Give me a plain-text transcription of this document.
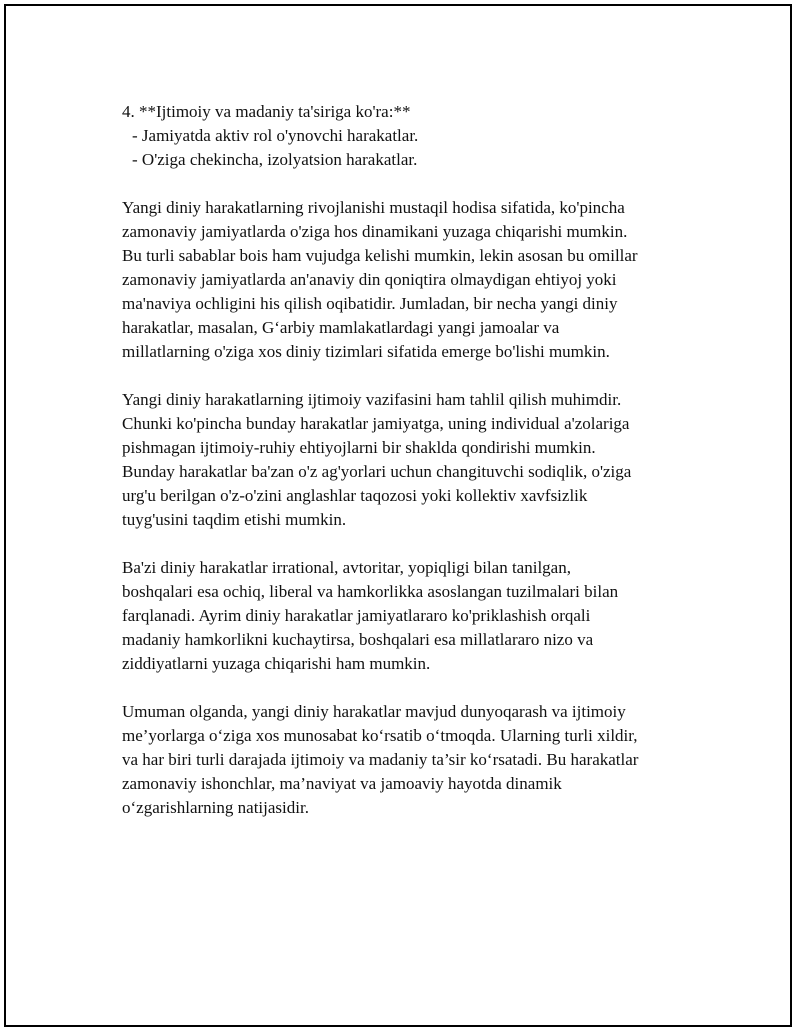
4. **Ijtimoiy va madaniy ta'siriga ko'ra:**
- Jamiyatda aktiv rol o'ynovchi harakatlar.
- O'ziga chekincha, izolyatsion harakatlar.
Yangi diniy harakatlarning rivojlanishi mustaqil hodisa sifatida, ko'pincha
zamonaviy jamiyatlarda o'ziga hos dinamikani yuzaga chiqarishi mumkin.
Bu turli sabablar bois ham vujudga kelishi mumkin, lekin asosan bu omillar
zamonaviy jamiyatlarda an'anaviy din qoniqtira olmaydigan ehtiyoj yoki
ma'naviya ochligini his qilish oqibatidir. Jumladan, bir necha yangi diniy
harakatlar, masalan, G‘arbiy mamlakatlardagi yangi jamoalar va
millatlarning o'ziga xos diniy tizimlari sifatida emerge bo'lishi mumkin.
Yangi diniy harakatlarning ijtimoiy vazifasini ham tahlil qilish muhimdir.
Chunki ko'pincha bunday harakatlar jamiyatga, uning individual a'zolariga
pishmagan ijtimoiy-ruhiy ehtiyojlarni bir shaklda qondirishi mumkin.
Bunday harakatlar ba'zan o'z ag'yorlari uchun changituvchi sodiqlik, o'ziga
urg'u berilgan o'z-o'zini anglashlar taqozosi yoki kollektiv xavfsizlik
tuyg'usini taqdim etishi mumkin.
Ba'zi diniy harakatlar irrational, avtoritar, yopiqligi bilan tanilgan,
boshqalari esa ochiq, liberal va hamkorlikka asoslangan tuzilmalari bilan
farqlanadi. Ayrim diniy harakatlar jamiyatlararo ko'priklashish orqali
madaniy hamkorlikni kuchaytirsa, boshqalari esa millatlararo nizo va
ziddiyatlarni yuzaga chiqarishi ham mumkin.
Umuman olganda, yangi diniy harakatlar mavjud dunyoqarash va ijtimoiy
me’yorlarga o‘ziga xos munosabat ko‘rsatib o‘tmoqda. Ularning turli xildir,
va har biri turli darajada ijtimoiy va madaniy ta’sir ko‘rsatadi. Bu harakatlar
zamonaviy ishonchlar, ma’naviyat va jamoaviy hayotda dinamik
o‘zgarishlarning natijasidir.
